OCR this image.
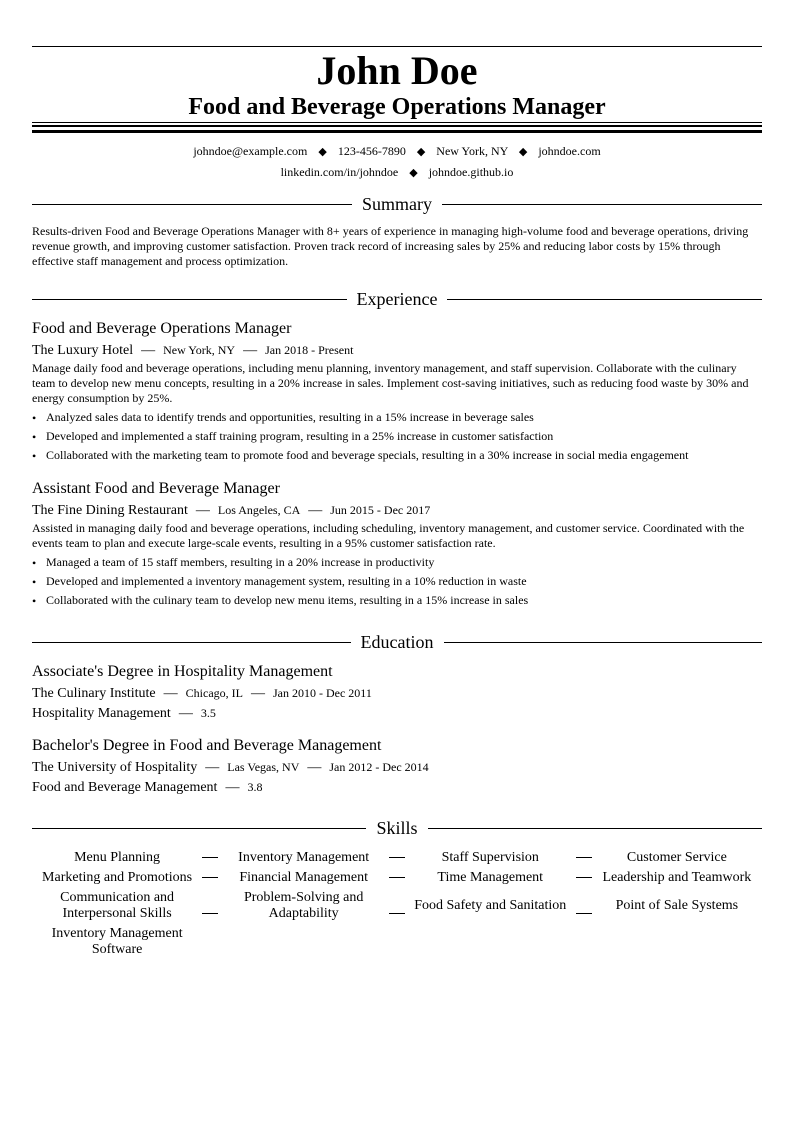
John Doe
Food and Beverage Operations Manager
johndoe@example.com ◆ 123-456-7890 ◆ New York, NY ◆ johndoe.com
linkedin.com/in/johndoe ◆ johndoe.github.io
Summary
Results-driven Food and Beverage Operations Manager with 8+ years of experience in managing high-volume food and beverage operations, driving revenue growth, and improving customer satisfaction. Proven track record of increasing sales by 25% and reducing labor costs by 15% through effective staff management and process optimization.
Experience
Food and Beverage Operations Manager
The Luxury Hotel — New York, NY — Jan 2018 - Present
Manage daily food and beverage operations, including menu planning, inventory management, and staff supervision. Collaborate with the culinary team to develop new menu concepts, resulting in a 20% increase in sales. Implement cost-saving initiatives, such as reducing food waste by 30% and energy consumption by 25%.
• Analyzed sales data to identify trends and opportunities, resulting in a 15% increase in beverage sales
• Developed and implemented a staff training program, resulting in a 25% increase in customer satisfaction
• Collaborated with the marketing team to promote food and beverage specials, resulting in a 30% increase in social media engagement
Assistant Food and Beverage Manager
The Fine Dining Restaurant — Los Angeles, CA — Jun 2015 - Dec 2017
Assisted in managing daily food and beverage operations, including scheduling, inventory management, and customer service. Coordinated with the events team to plan and execute large-scale events, resulting in a 95% customer satisfaction rate.
• Managed a team of 15 staff members, resulting in a 20% increase in productivity
• Developed and implemented a inventory management system, resulting in a 10% reduction in waste
• Collaborated with the culinary team to develop new menu items, resulting in a 15% increase in sales
Education
Associate's Degree in Hospitality Management
The Culinary Institute — Chicago, IL — Jan 2010 - Dec 2011
Hospitality Management — 3.5
Bachelor's Degree in Food and Beverage Management
The University of Hospitality — Las Vegas, NV — Jan 2012 - Dec 2014
Food and Beverage Management — 3.8
Skills
Menu Planning		Inventory Management		Staff Supervision		Customer Service
Marketing and Promotions		Financial Management		Time Management		Leadership and Teamwork
Communication and Interpersonal Skills		Problem-Solving and Adaptability		Food Safety and Sanitation		Point of Sale Systems
Inventory Management Software						
